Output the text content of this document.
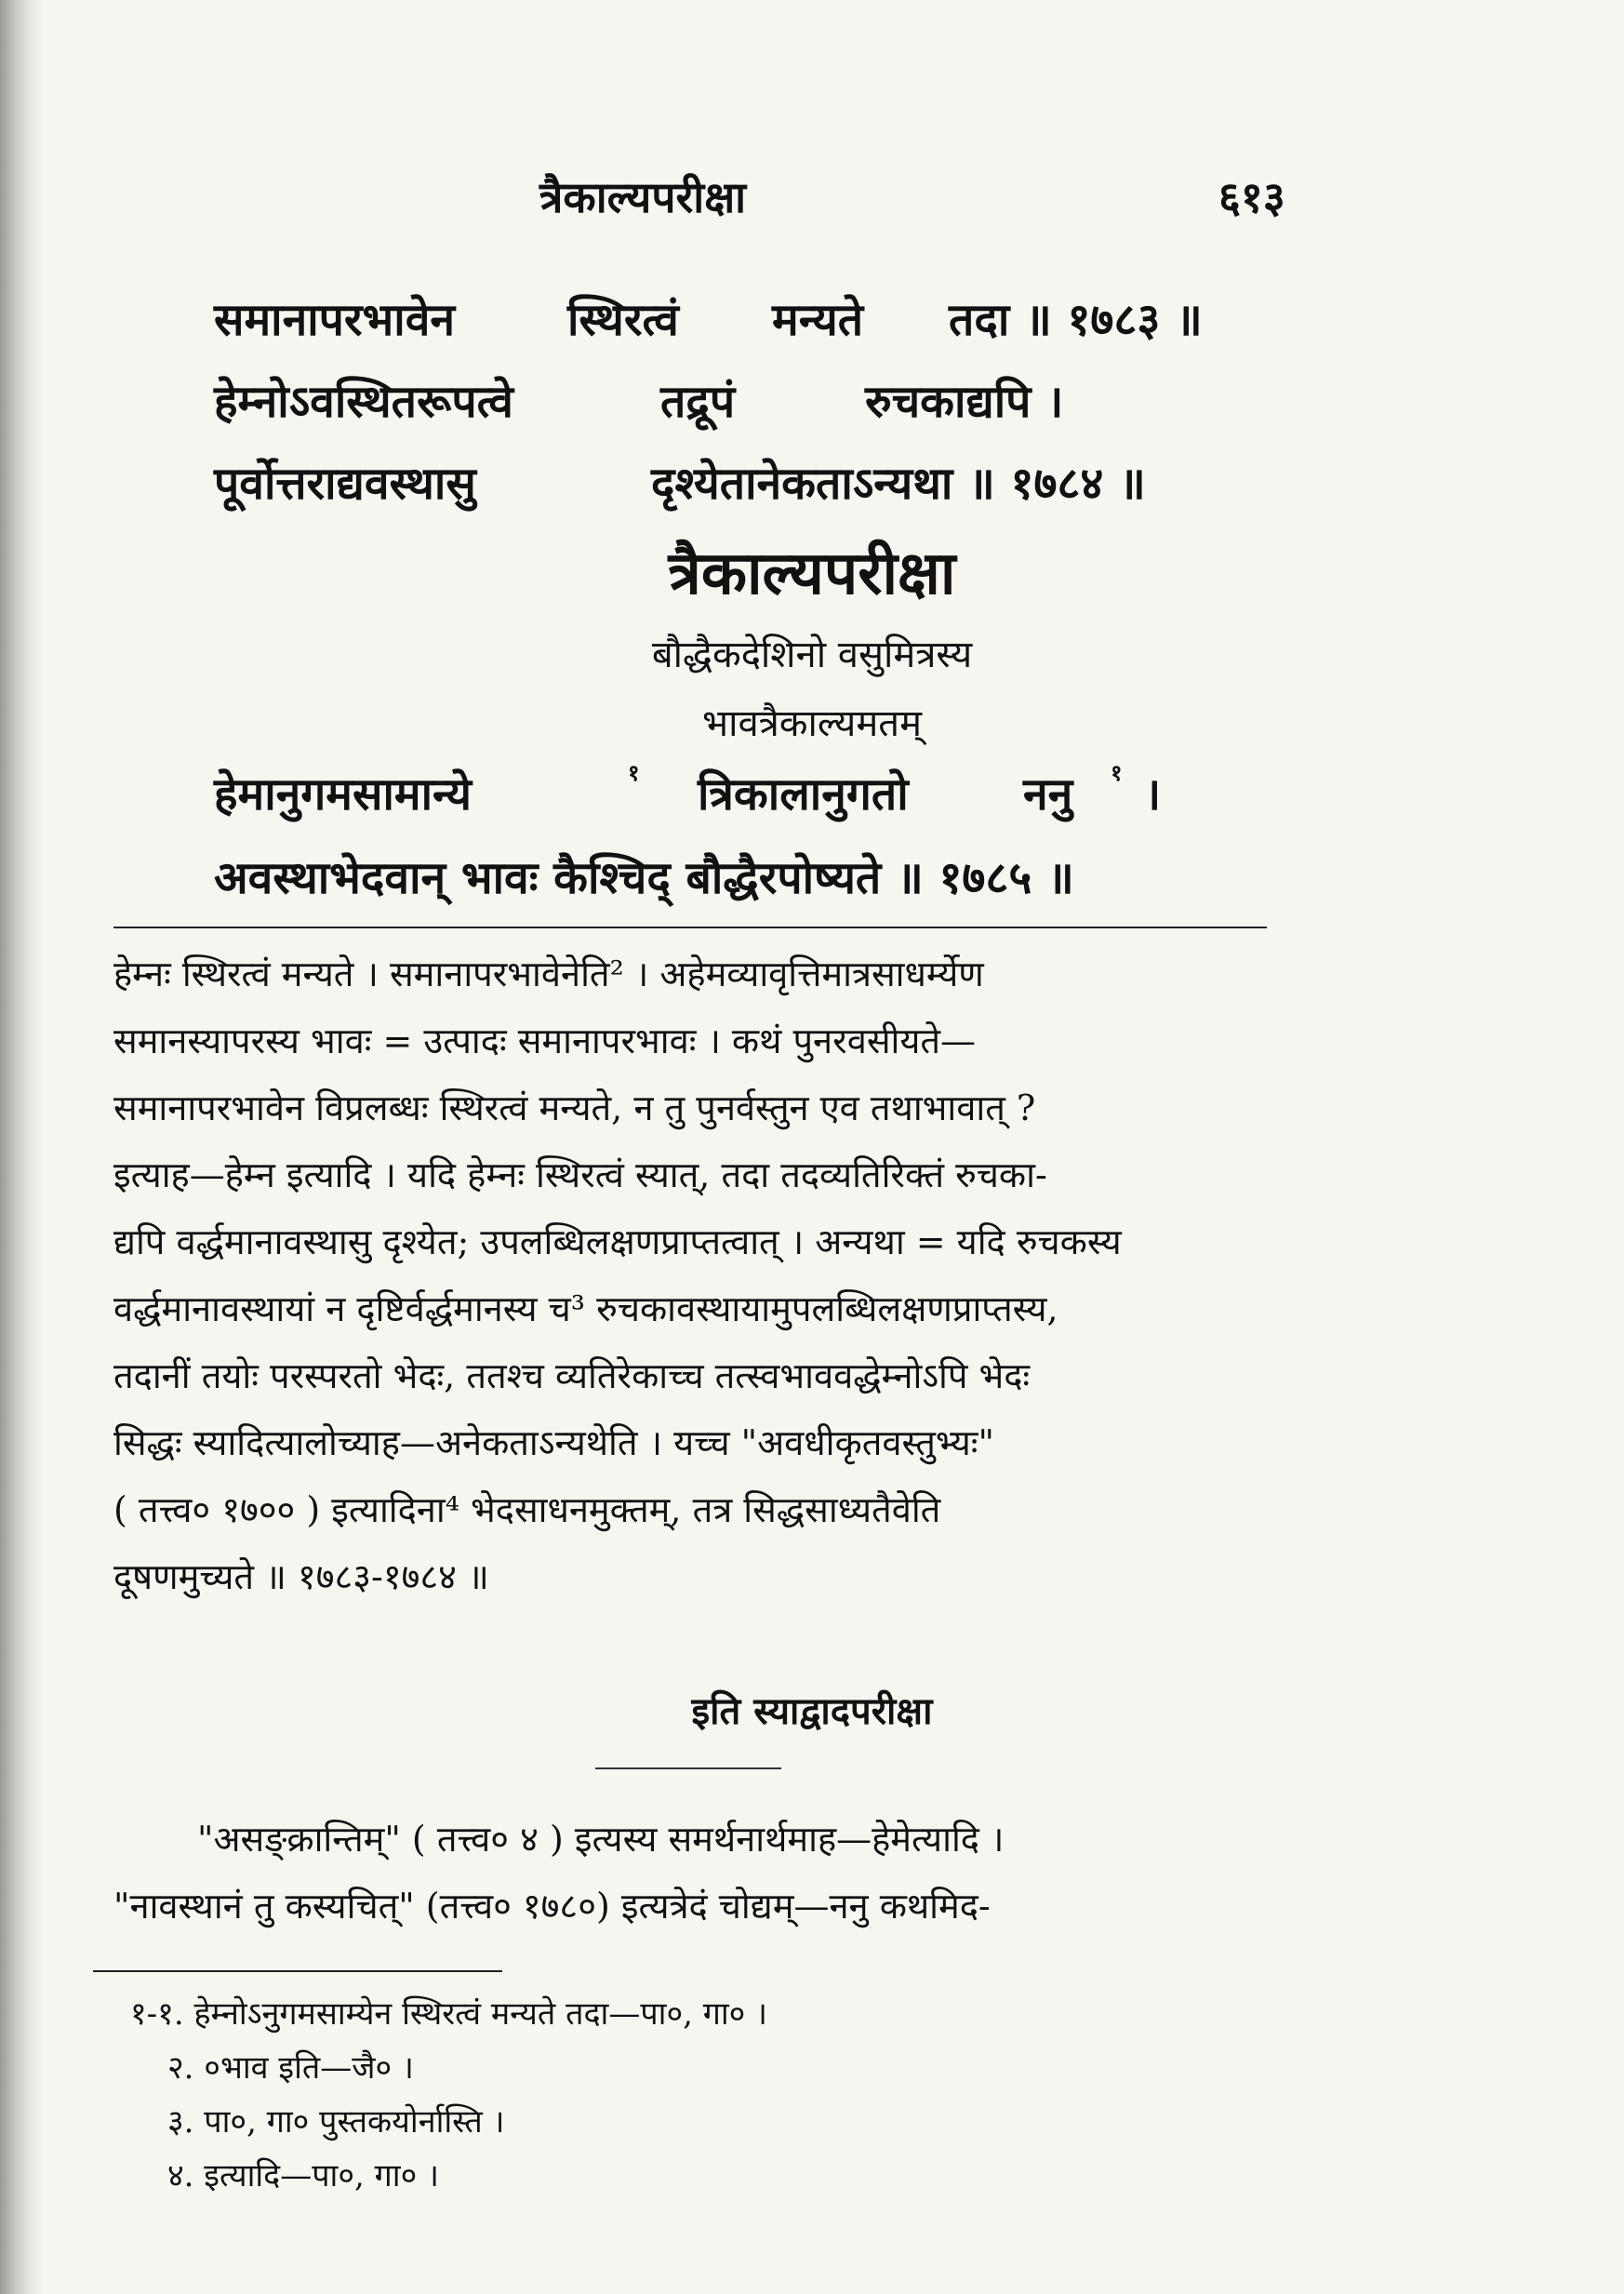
त्रैकाल्यपरीक्षा	६१३
समानापरभावेन	स्थिरत्वं मन्यते तदा ॥ १७८३ ॥
हेम्नोऽवस्थितरूपत्वे	तद्रूपं	रुचकाद्यपि ।
पूर्वोत्तराद्यवस्थासु	दृश्येतानेकताऽन्यथा ॥ १७८४ ॥
त्रैकाल्यपरीक्षा
बौद्धैकदेशिनो वसुमित्रस्य
भावत्रैकाल्यमतम्
हेमानुगमसामान्ये	१ त्रिकालानुगतो	ननु १ ।
अवस्थाभेदवान् भावः कैश्चिद् बौद्धैरपोष्यते ॥ १७८५ ॥
हेम्नः स्थिरत्वं मन्यते । समानापरभावेनेति² । अहेमव्यावृत्तिमात्रसाधर्म्येण
समानस्यापरस्य भावः = उत्पादः समानापरभावः । कथं पुनरवसीयते—
समानापरभावेन विप्रलब्धः स्थिरत्वं मन्यते, न तु पुनर्वस्तुन एव तथाभावात् ?
इत्याह—हेम्न इत्यादि । यदि हेम्नः स्थिरत्वं स्यात्, तदा तदव्यतिरिक्तं रुचका-
द्यपि वर्द्धमानावस्थासु दृश्येत; उपलब्धिलक्षणप्राप्तत्वात् । अन्यथा = यदि रुचकस्य
वर्द्धमानावस्थायां न दृष्टिर्वर्द्धमानस्य च³ रुचकावस्थायामुपलब्धिलक्षणप्राप्तस्य,
तदानीं तयोः परस्परतो भेदः, ततश्च व्यतिरेकाच्च तत्स्वभाववद्धेम्नोऽपि भेदः
सिद्धः स्यादित्यालोच्याह—अनेकताऽन्यथेति । यच्च "अवधीकृतवस्तुभ्यः"
( तत्त्व० १७०० ) इत्यादिना⁴ भेदसाधनमुक्तम्, तत्र सिद्धसाध्यतैवेति
दूषणमुच्यते ॥ १७८३-१७८४ ॥
इति स्याद्वादपरीक्षा
"असङ्क्रान्तिम्" ( तत्त्व० ४ ) इत्यस्य समर्थनार्थमाह—हेमेत्यादि ।
"नावस्थानं तु कस्यचित्" (तत्त्व० १७८०) इत्यत्रेदं चोद्यम्—ननु कथमिद-
१-१. हेम्नोऽनुगमसाम्येन स्थिरत्वं मन्यते तदा—पा०, गा० ।
२. ०भाव इति—जै० ।
३. पा०, गा० पुस्तकयोर्नास्ति ।
४. इत्यादि—पा०, गा० ।
